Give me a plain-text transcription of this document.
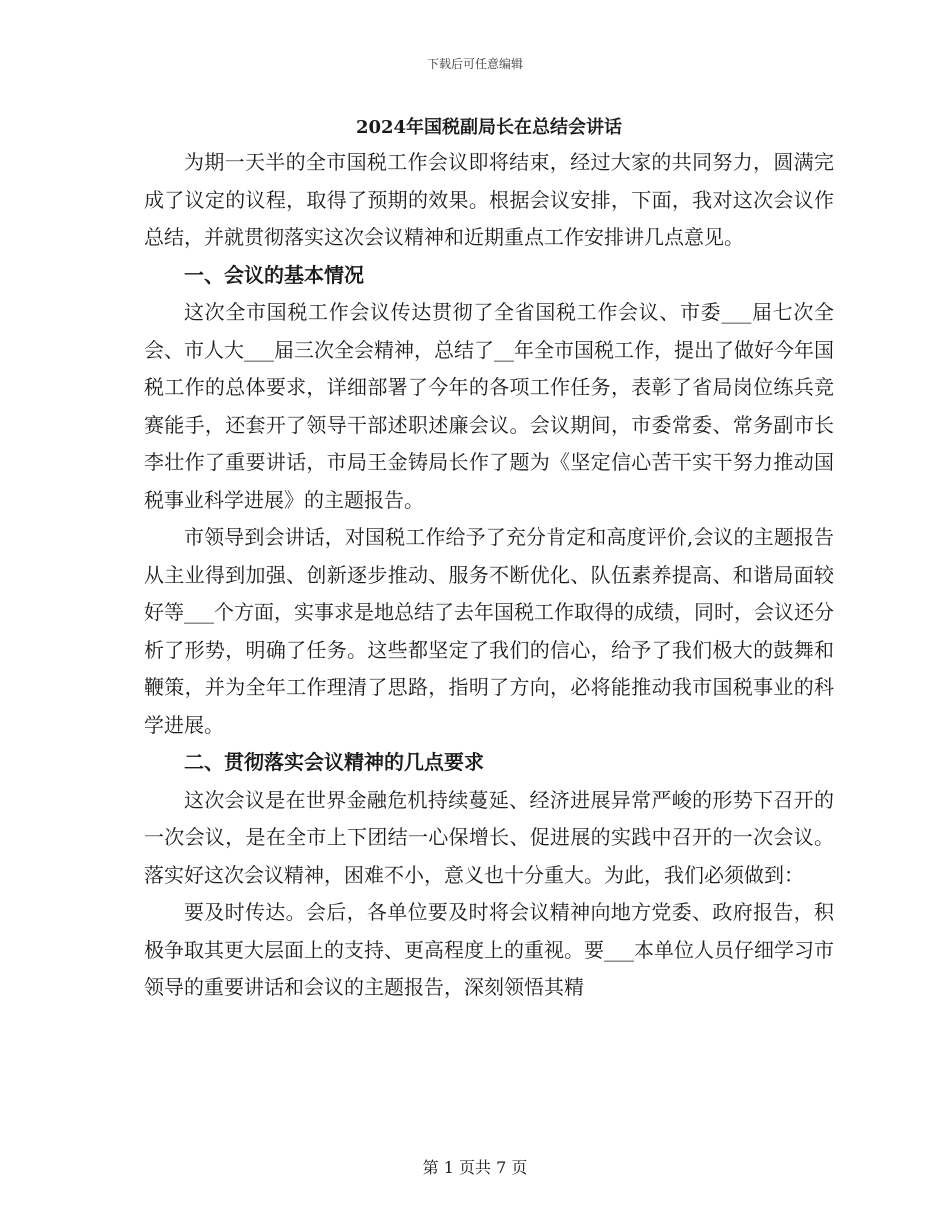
下载后可任意编辑
2024年国税副局长在总结会讲话

为期一天半的全市国税工作会议即将结束，经过大家的共同努力，圆满完成了议定的议程，取得了预期的效果。根据会议安排，下面，我对这次会议作总结，并就贯彻落实这次会议精神和近期重点工作安排讲几点意见。

一、会议的基本情况

这次全市国税工作会议传达贯彻了全省国税工作会议、市委___届七次全会、市人大___届三次全会精神，总结了__年全市国税工作，提出了做好今年国税工作的总体要求，详细部署了今年的各项工作任务，表彰了省局岗位练兵竞赛能手，还套开了领导干部述职述廉会议。会议期间，市委常委、常务副市长李壮作了重要讲话，市局王金铸局长作了题为《坚定信心苦干实干努力推动国税事业科学进展》的主题报告。

市领导到会讲话，对国税工作给予了充分肯定和高度评价,会议的主题报告从主业得到加强、创新逐步推动、服务不断优化、队伍素养提高、和谐局面较好等___个方面，实事求是地总结了去年国税工作取得的成绩，同时，会议还分析了形势，明确了任务。这些都坚定了我们的信心，给予了我们极大的鼓舞和鞭策，并为全年工作理清了思路，指明了方向，必将能推动我市国税事业的科学进展。

二、贯彻落实会议精神的几点要求

这次会议是在世界金融危机持续蔓延、经济进展异常严峻的形势下召开的一次会议，是在全市上下团结一心保增长、促进展的实践中召开的一次会议。落实好这次会议精神，困难不小，意义也十分重大。为此，我们必须做到：

要及时传达。会后，各单位要及时将会议精神向地方党委、政府报告，积极争取其更大层面上的支持、更高程度上的重视。要___本单位人员仔细学习市领导的重要讲话和会议的主题报告，深刻领悟其精

第 1 页共 7 页
